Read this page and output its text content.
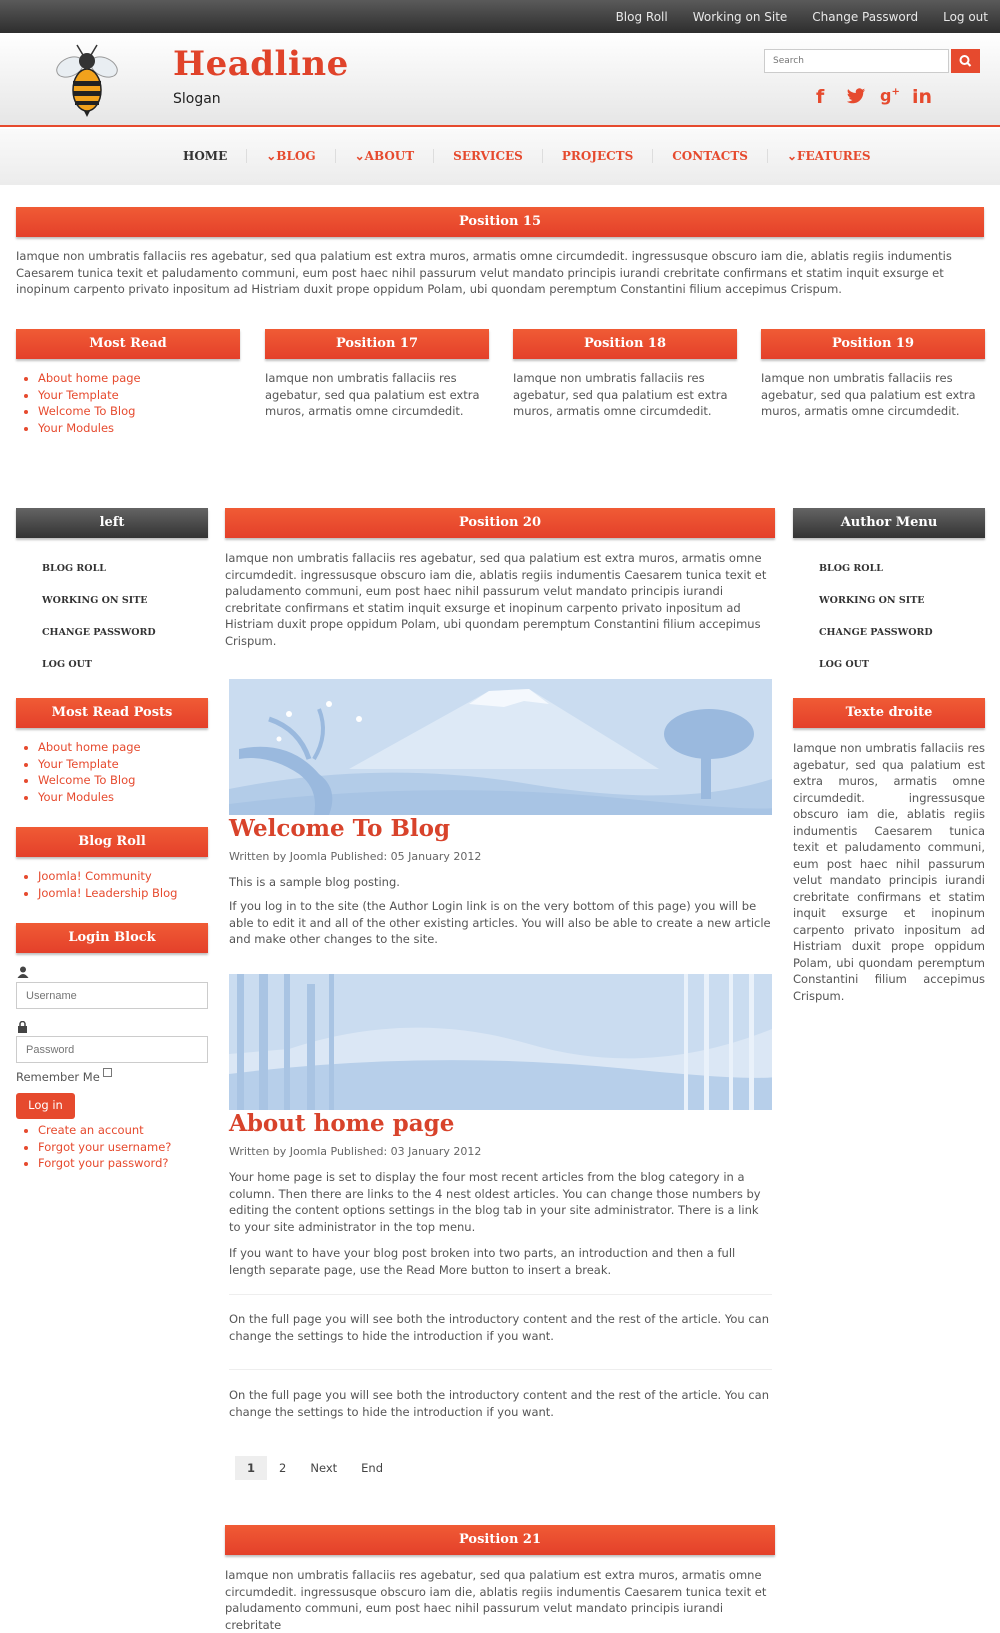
Blog Roll Working on Site Change Password Log out
Headline
Slogan
Search	f	g+ in
HOME	⌄BLOG	⌄ABOUT	SERVICES	PROJECTS	CONTACTS	⌄FEATURES
Position 15
Iamque non umbratis fallaciis res agebatur, sed qua palatium est extra muros, armatis omne circumdedit. ingressusque obscuro iam die, ablatis regiis indumentis Caesarem tunica texit et paludamento communi, eum post haec nihil passurum velut mandato principis iurandi crebritate confirmans et statim inquit exsurge et inopinum carpento privato inpositum ad Histriam duxit prope oppidum Polam, ubi quondam peremptum Constantini filium accepimus Crispum.
Most Read
• About home page
• Your Template
• Welcome To Blog
• Your Modules
Position 17
Iamque non umbratis fallaciis res agebatur, sed qua palatium est extra muros, armatis omne circumdedit.
Position 18
Iamque non umbratis fallaciis res agebatur, sed qua palatium est extra muros, armatis omne circumdedit.
Position 19
Iamque non umbratis fallaciis res agebatur, sed qua palatium est extra muros, armatis omne circumdedit.
left
BLOG ROLL
WORKING ON SITE
CHANGE PASSWORD
LOG OUT
Most Read Posts
• About home page
• Your Template
• Welcome To Blog
• Your Modules
Blog Roll
• Joomla! Community
• Joomla! Leadership Blog
Login Block
Username
Password
Remember Me
Log in
• Create an account
• Forgot your username?
• Forgot your password?
Position 20
Iamque non umbratis fallaciis res agebatur, sed qua palatium est extra muros, armatis omne circumdedit. ingressusque obscuro iam die, ablatis regiis indumentis Caesarem tunica texit et paludamento communi, eum post haec nihil passurum velut mandato principis iurandi crebritate confirmans et statim inquit exsurge et inopinum carpento privato inpositum ad Histriam duxit prope oppidum Polam, ubi quondam peremptum Constantini filium accepimus Crispum.
Welcome To Blog
Written by Joomla Published: 05 January 2012
This is a sample blog posting.
If you log in to the site (the Author Login link is on the very bottom of this page) you will be able to edit it and all of the other existing articles. You will also be able to create a new article and make other changes to the site.
About home page
Written by Joomla Published: 03 January 2012
Your home page is set to display the four most recent articles from the blog category in a column. Then there are links to the 4 nest oldest articles. You can change those numbers by editing the content options settings in the blog tab in your site administrator. There is a link to your site administrator in the top menu.
If you want to have your blog post broken into two parts, an introduction and then a full length separate page, use the Read More button to insert a break.
On the full page you will see both the introductory content and the rest of the article. You can change the settings to hide the introduction if you want.
On the full page you will see both the introductory content and the rest of the article. You can change the settings to hide the introduction if you want.
1	2	Next	End
Position 21
Iamque non umbratis fallaciis res agebatur, sed qua palatium est extra muros, armatis omne circumdedit. ingressusque obscuro iam die, ablatis regiis indumentis Caesarem tunica texit et paludamento communi, eum post haec nihil passurum velut mandato principis iurandi crebritate
Author Menu
BLOG ROLL
WORKING ON SITE
CHANGE PASSWORD
LOG OUT
Texte droite
Iamque non umbratis fallaciis res agebatur, sed qua palatium est extra muros, armatis omne circumdedit. ingressusque obscuro iam die, ablatis regiis indumentis Caesarem tunica texit et paludamento communi, eum post haec nihil passurum velut mandato principis iurandi crebritate confirmans et statim inquit exsurge et inopinum carpento privato inpositum ad Histriam duxit prope oppidum Polam, ubi quondam peremptum Constantini filium accepimus Crispum.
